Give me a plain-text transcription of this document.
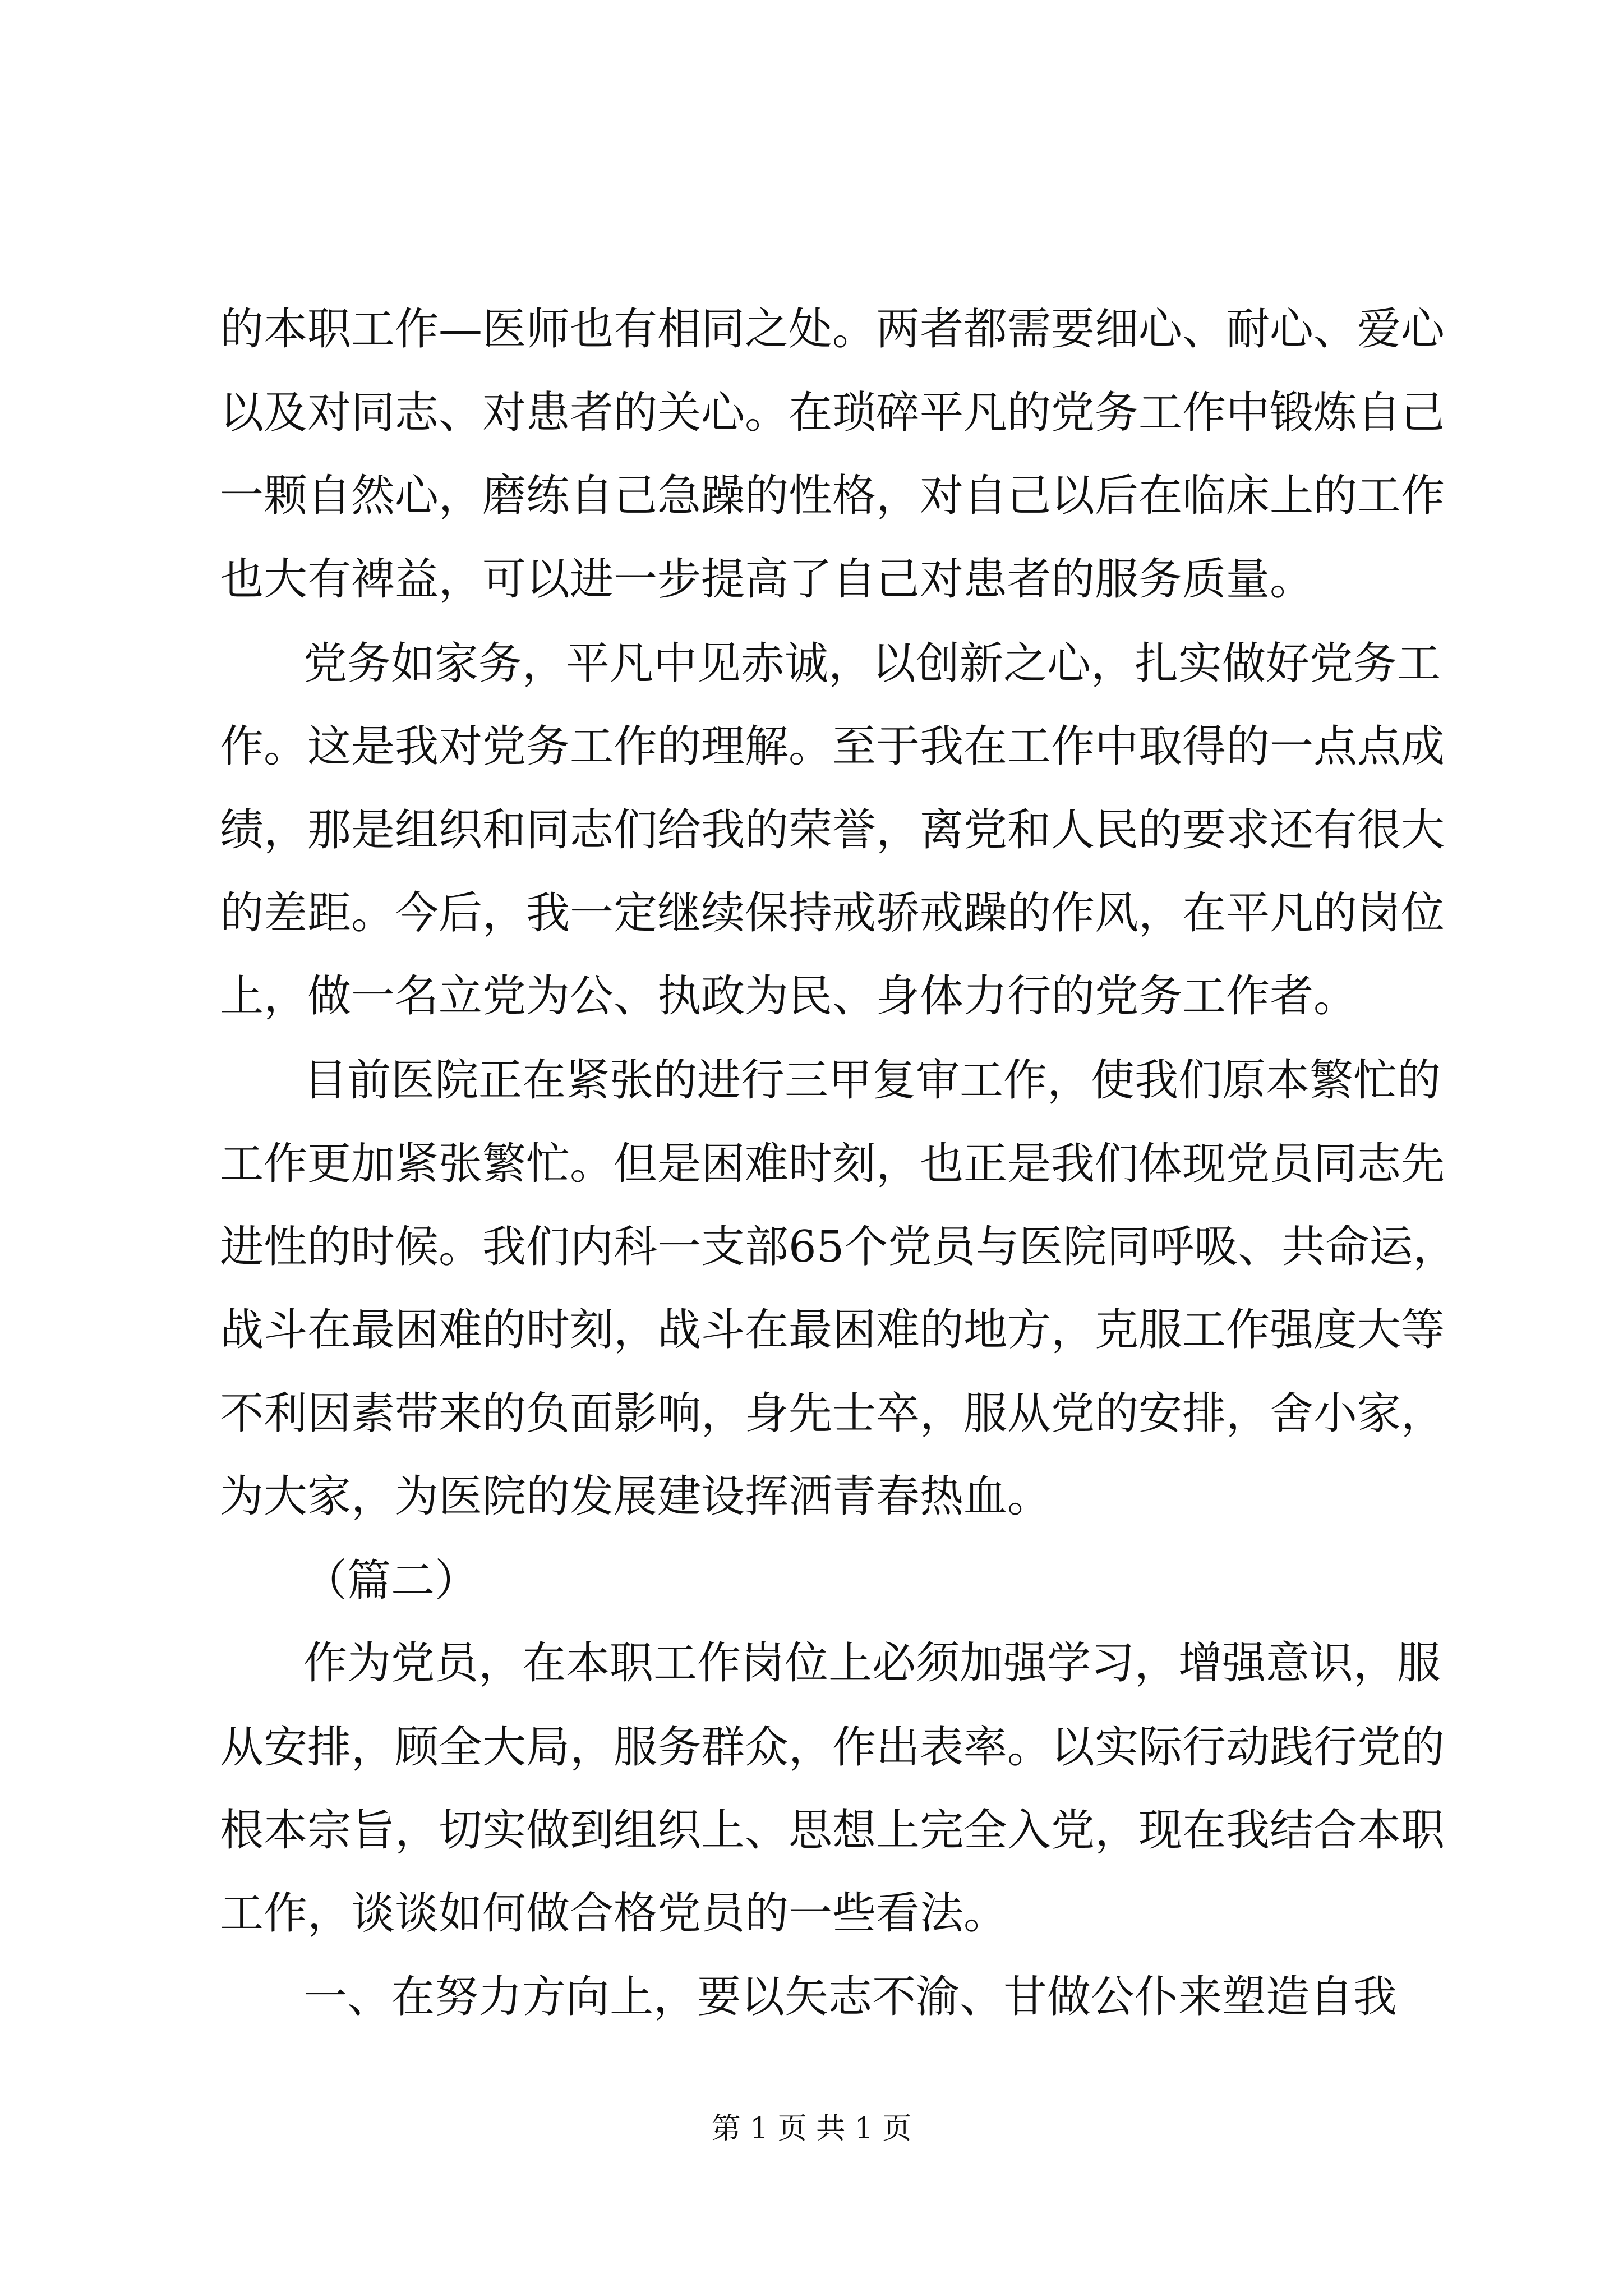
的本职工作—医师也有相同之处。两者都需要细心、耐心、爱心

以及对同志、对患者的关心。在琐碎平凡的党务工作中锻炼自己

一颗自然心，磨练自己急躁的性格，对自己以后在临床上的工作

也大有裨益，可以进一步提高了自己对患者的服务质量。

党务如家务，平凡中见赤诚，以创新之心，扎实做好党务工

作。这是我对党务工作的理解。至于我在工作中取得的一点点成

绩，那是组织和同志们给我的荣誉，离党和人民的要求还有很大

的差距。今后，我一定继续保持戒骄戒躁的作风，在平凡的岗位

上，做一名立党为公、执政为民、身体力行的党务工作者。

目前医院正在紧张的进行三甲复审工作，使我们原本繁忙的

工作更加紧张繁忙。但是困难时刻，也正是我们体现党员同志先

进性的时候。我们内科一支部65个党员与医院同呼吸、共命运，

战斗在最困难的时刻，战斗在最困难的地方，克服工作强度大等

不利因素带来的负面影响，身先士卒，服从党的安排，舍小家，

为大家，为医院的发展建设挥洒青春热血。

（篇二）

作为党员，在本职工作岗位上必须加强学习，增强意识，服

从安排，顾全大局，服务群众，作出表率。以实际行动践行党的

根本宗旨，切实做到组织上、思想上完全入党，现在我结合本职

工作，谈谈如何做合格党员的一些看法。

一、在努力方向上，要以矢志不渝、甘做公仆来塑造自我

第 1 页 共 1 页
